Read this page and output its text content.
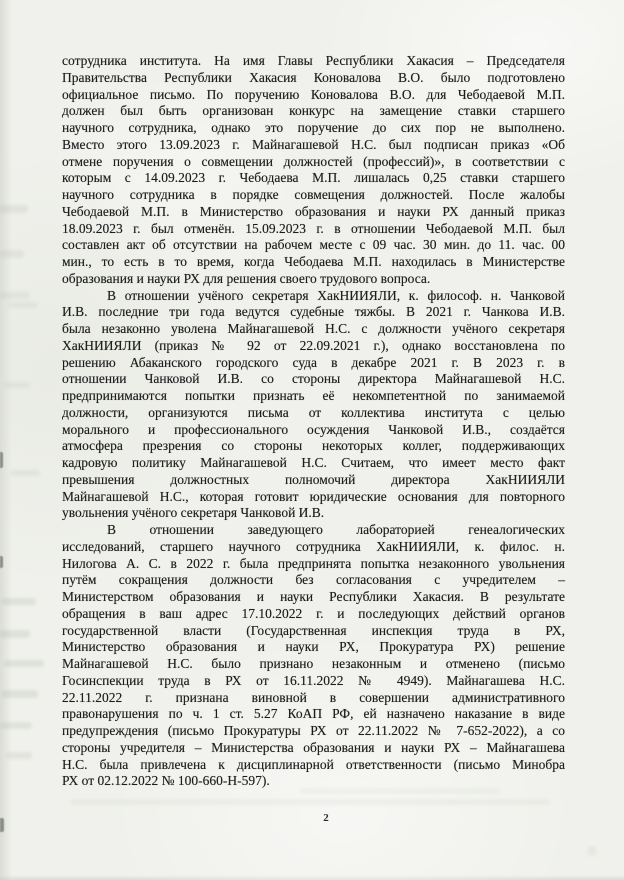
сотрудника института. На имя Главы Республики Хакасия – Председателя
Правительства Республики Хакасия Коновалова В.О. было подготовлено
официальное письмо. По поручению Коновалова В.О. для Чебодаевой М.П.
должен был быть организован конкурс на замещение ставки старшего
научного сотрудника, однако это поручение до сих пор не выполнено.
Вместо этого 13.09.2023 г. Майнагашевой Н.С. был подписан приказ «Об
отмене поручения о совмещении должностей (профессий)», в соответствии с
которым с 14.09.2023 г. Чебодаева М.П. лишалась 0,25 ставки старшего
научного сотрудника в порядке совмещения должностей. После жалобы
Чебодаевой М.П. в Министерство образования и науки РХ данный приказ
18.09.2023 г. был отменён. 15.09.2023 г. в отношении Чебодаевой М.П. был
составлен акт об отсутствии на рабочем месте с 09 час. 30 мин. до 11. час. 00
мин., то есть в то время, когда Чебодаева М.П. находилась в Министерстве
образования и науки РХ для решения своего трудового вопроса.
В отношении учёного секретаря ХакНИИЯЛИ, к. философ. н. Чанковой
И.В. последние три года ведутся судебные тяжбы. В 2021 г. Чанкова И.В.
была незаконно уволена Майнагашевой Н.С. с должности учёного секретаря
ХакНИИЯЛИ (приказ № 92 от 22.09.2021 г.), однако восстановлена по
решению Абаканского городского суда в декабре 2021 г. В 2023 г. в
отношении Чанковой И.В. со стороны директора Майнагашевой Н.С.
предпринимаются попытки признать её некомпетентной по занимаемой
должности, организуются письма от коллектива института с целью
морального и профессионального осуждения Чанковой И.В., создаётся
атмосфера презрения со стороны некоторых коллег, поддерживающих
кадровую политику Майнагашевой Н.С. Считаем, что имеет место факт
превышения должностных полномочий директора ХакНИИЯЛИ
Майнагашевой Н.С., которая готовит юридические основания для повторного
увольнения учёного секретаря Чанковой И.В.
В отношении заведующего лабораторией генеалогических
исследований, старшего научного сотрудника ХакНИИЯЛИ, к. филос. н.
Нилогова А. С. в 2022 г. была предпринята попытка незаконного увольнения
путём сокращения должности без согласования с учредителем –
Министерством образования и науки Республики Хакасия. В результате
обращения в ваш адрес 17.10.2022 г. и последующих действий органов
государственной власти (Государственная инспекция труда в РХ,
Министерство образования и науки РХ, Прокуратура РХ) решение
Майнагашевой Н.С. было признано незаконным и отменено (письмо
Госинспекции труда в РХ от 16.11.2022 № 4949). Майнагашева Н.С.
22.11.2022 г. признана виновной в совершении административного
правонарушения по ч. 1 ст. 5.27 КоАП РФ, ей назначено наказание в виде
предупреждения (письмо Прокуратуры РХ от 22.11.2022 № 7-652-2022), а со
стороны учредителя – Министерства образования и науки РХ – Майнагашева
Н.С. была привлечена к дисциплинарной ответственности (письмо Минобра
РХ от 02.12.2022 № 100-660-Н-597).
2
